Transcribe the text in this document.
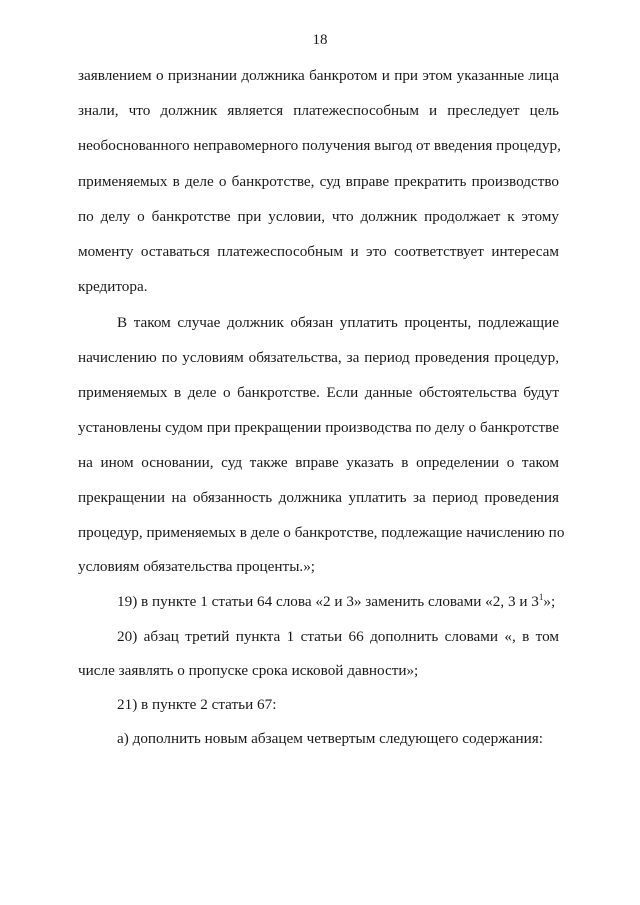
18
заявлением о признании должника банкротом и при этом указанные лица
знали, что должник является платежеспособным и преследует цель
необоснованного неправомерного получения выгод от введения процедур,
применяемых в деле о банкротстве, суд вправе прекратить производство
по делу о банкротстве при условии, что должник продолжает к этому
моменту оставаться платежеспособным и это соответствует интересам
кредитора.
В таком случае должник обязан уплатить проценты, подлежащие
начислению по условиям обязательства, за период проведения процедур,
применяемых в деле о банкротстве. Если данные обстоятельства будут
установлены судом при прекращении производства по делу о банкротстве
на ином основании, суд также вправе указать в определении о таком
прекращении на обязанность должника уплатить за период проведения
процедур, применяемых в деле о банкротстве, подлежащие начислению по
условиям обязательства проценты.»;
19) в пункте 1 статьи 64 слова «2 и 3» заменить словами «2, 3 и $3^1$»;
20) абзац третий пункта 1 статьи 66 дополнить словами «, в том
числе заявлять о пропуске срока исковой давности»;
21) в пункте 2 статьи 67:
а) дополнить новым абзацем четвертым следующего содержания:
